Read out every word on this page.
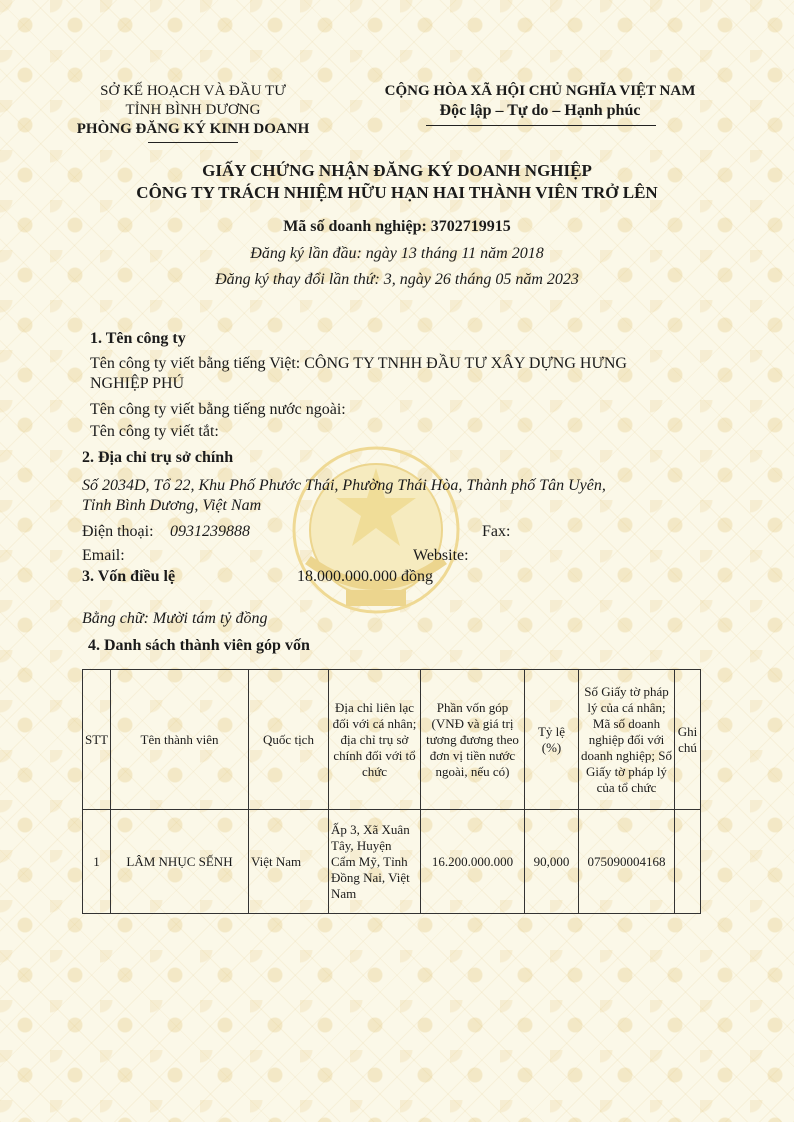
SỞ KẾ HOẠCH VÀ ĐẦU TƯ
TỈNH BÌNH DƯƠNG
PHÒNG ĐĂNG KÝ KINH DOANH
CỘNG HÒA XÃ HỘI CHỦ NGHĨA VIỆT NAM
Độc lập – Tự do – Hạnh phúc
GIẤY CHỨNG NHẬN ĐĂNG KÝ DOANH NGHIỆP
CÔNG TY TRÁCH NHIỆM HỮU HẠN HAI THÀNH VIÊN TRỞ LÊN
Mã số doanh nghiệp: 3702719915
Đăng ký lần đầu: ngày 13 tháng 11 năm 2018
Đăng ký thay đổi lần thứ: 3, ngày 26 tháng 05 năm 2023
1. Tên công ty
Tên công ty viết bằng tiếng Việt: CÔNG TY TNHH ĐẦU TƯ XÂY DỰNG HƯNG
NGHIỆP PHÚ
Tên công ty viết bằng tiếng nước ngoài:
Tên công ty viết tắt:
2. Địa chỉ trụ sở chính
Số 2034D, Tổ 22, Khu Phố Phước Thái, Phường Thái Hòa, Thành phố Tân Uyên,
Tỉnh Bình Dương, Việt Nam
Điện thoại: 0931239888	Fax:
Email:	Website:
3. Vốn điều lệ	18.000.000.000 đồng
Bằng chữ: Mười tám tỷ đồng
4. Danh sách thành viên góp vốn
STT	Tên thành viên	Quốc tịch	Địa chỉ liên lạc đối với cá nhân; địa chỉ trụ sở chính đối với tổ chức	Phần vốn góp (VNĐ và giá trị tương đương theo đơn vị tiền nước ngoài, nếu có)	Tỷ lệ (%)	Số Giấy tờ pháp lý của cá nhân; Mã số doanh nghiệp đối với doanh nghiệp; Số Giấy tờ pháp lý của tổ chức	Ghi chú
1	LÂM NHỤC SẾNH	Việt Nam	Ấp 3, Xã Xuân Tây, Huyện Cẩm Mỹ, Tỉnh Đồng Nai, Việt Nam	16.200.000.000	90,000	075090004168	
